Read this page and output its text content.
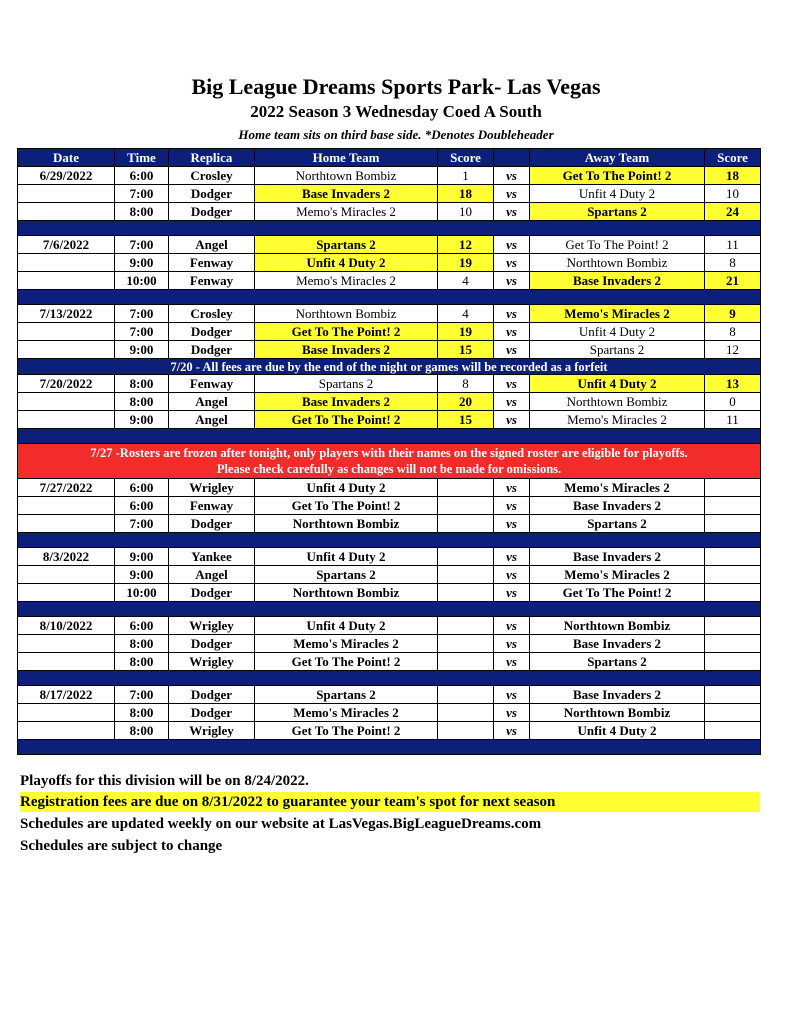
Big League Dreams Sports Park- Las Vegas
2022 Season 3 Wednesday Coed A South
Home team sits on third base side. *Denotes Doubleheader
Date	Time	Replica	Home Team	Score		Away Team	Score
6/29/2022	6:00	Crosley	Northtown Bombiz	1	vs	Get To The Point! 2	18
	7:00	Dodger	Base Invaders 2	18	vs	Unfit 4 Duty 2	10
	8:00	Dodger	Memo's Miracles 2	10	vs	Spartans 2	24

7/6/2022	7:00	Angel	Spartans 2	12	vs	Get To The Point! 2	11
	9:00	Fenway	Unfit 4 Duty 2	19	vs	Northtown Bombiz	8
	10:00	Fenway	Memo's Miracles 2	4	vs	Base Invaders 2	21

7/13/2022	7:00	Crosley	Northtown Bombiz	4	vs	Memo's Miracles 2	9
	7:00	Dodger	Get To The Point! 2	19	vs	Unfit 4 Duty 2	8
	9:00	Dodger	Base Invaders 2	15	vs	Spartans 2	12
7/20 - All fees are due by the end of the night or games will be recorded as a forfeit							
7/20/2022	8:00	Fenway	Spartans 2	8	vs	Unfit 4 Duty 2	13
	8:00	Angel	Base Invaders 2	20	vs	Northtown Bombiz	0
	9:00	Angel	Get To The Point! 2	15	vs	Memo's Miracles 2	11

7/27 -Rosters are frozen after tonight, only players with their names on the signed roster are eligible for playoffs.
Please check carefully as changes will not be made for omissions.							

7/27/2022	6:00	Wrigley	Unfit 4 Duty 2		vs	Memo's Miracles 2	
	6:00	Fenway	Get To The Point! 2		vs	Base Invaders 2	
	7:00	Dodger	Northtown Bombiz		vs	Spartans 2	

8/3/2022	9:00	Yankee	Unfit 4 Duty 2		vs	Base Invaders 2	
	9:00	Angel	Spartans 2		vs	Memo's Miracles 2	
	10:00	Dodger	Northtown Bombiz		vs	Get To The Point! 2	

8/10/2022	6:00	Wrigley	Unfit 4 Duty 2		vs	Northtown Bombiz	
	8:00	Dodger	Memo's Miracles 2		vs	Base Invaders 2	
	8:00	Wrigley	Get To The Point! 2		vs	Spartans 2	

8/17/2022	7:00	Dodger	Spartans 2		vs	Base Invaders 2	
	8:00	Dodger	Memo's Miracles 2		vs	Northtown Bombiz	
	8:00	Wrigley	Get To The Point! 2		vs	Unfit 4 Duty 2	

Playoffs for this division will be on 8/24/2022.

Registration fees are due on 8/31/2022 to guarantee your team's spot for next season

Schedules are updated weekly on our website at LasVegas.BigLeagueDreams.com

Schedules are subject to change
